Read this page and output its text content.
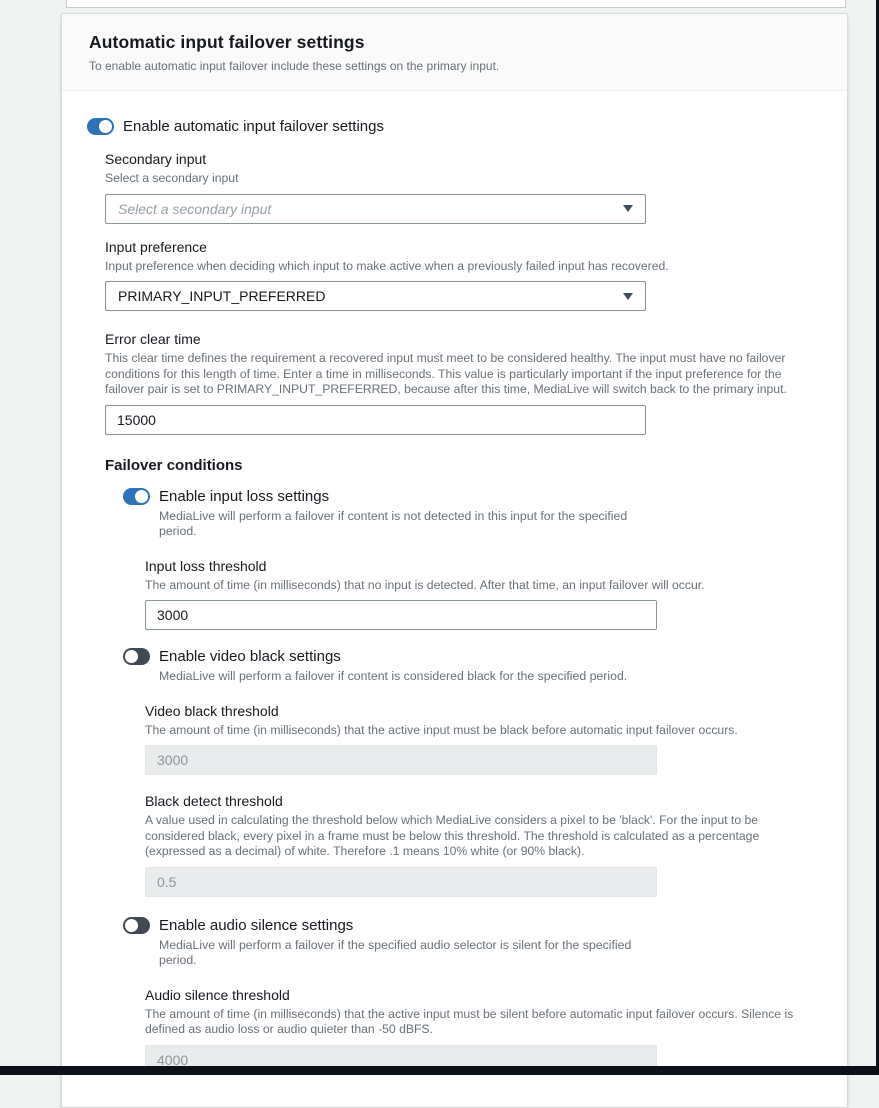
Automatic input failover settings
To enable automatic input failover include these settings on the primary input.
Enable automatic input failover settings
Secondary input
Select a secondary input
Select a secondary input
Input preference
Input preference when deciding which input to make active when a previously failed input has recovered.
PRIMARY_INPUT_PREFERRED
Error clear time
This clear time defines the requirement a recovered input must meet to be considered healthy. The input must have no failover conditions for this length of time. Enter a time in milliseconds. This value is particularly important if the input preference for the failover pair is set to PRIMARY_INPUT_PREFERRED, because after this time, MediaLive will switch back to the primary input.
15000
Failover conditions
Enable input loss settings
MediaLive will perform a failover if content is not detected in this input for the specified period.
Input loss threshold
The amount of time (in milliseconds) that no input is detected. After that time, an input failover will occur.
3000
Enable video black settings
MediaLive will perform a failover if content is considered black for the specified period.
Video black threshold
The amount of time (in milliseconds) that the active input must be black before automatic input failover occurs.
3000
Black detect threshold
A value used in calculating the threshold below which MediaLive considers a pixel to be 'black'. For the input to be considered black, every pixel in a frame must be below this threshold. The threshold is calculated as a percentage (expressed as a decimal) of white. Therefore .1 means 10% white (or 90% black).
0.5
Enable audio silence settings
MediaLive will perform a failover if the specified audio selector is silent for the specified period.
Audio silence threshold
The amount of time (in milliseconds) that the active input must be silent before automatic input failover occurs. Silence is defined as audio loss or audio quieter than -50 dBFS.
4000
